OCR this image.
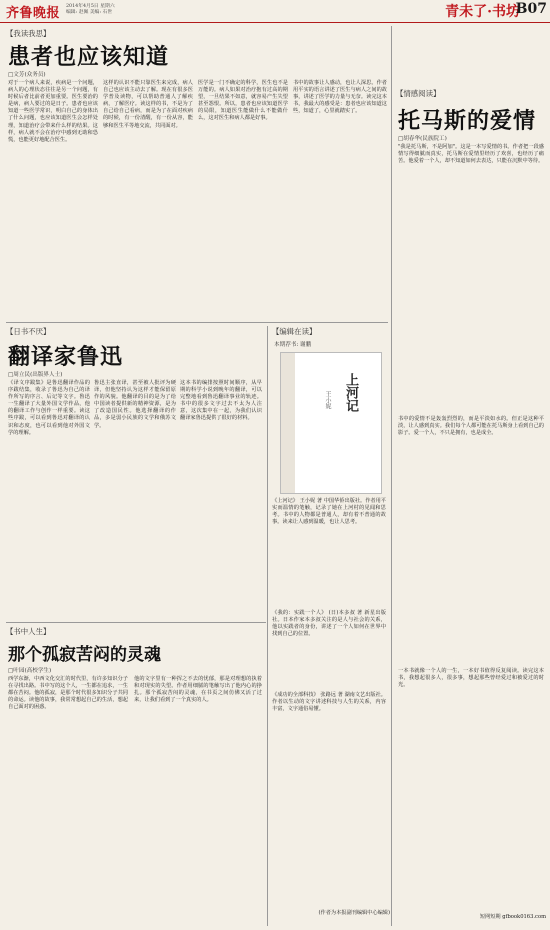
齐鲁晚报 2014年4月5日 星期六
编辑: 赵佩 美编: 石世	青未了·书坊
B07
【我读我思】
患者也应该知道
□文芳(众务员)
对于一个病人来说，疾病是一个问题，病人的心理状态往往是另一个问题，有时候后者比前者更加重要。医生要治的是病，病人要过的是日子。患者也应该知道一些医学常识，明白自己的身体出了什么问题，也应该知道医生会怎样处理，知道治疗会带来什么样的结果。这样，病人就不会在治疗中感到无助和恐慌，也能更好地配合医生。
这样的认识不能只靠医生来完成，病人自己也应该主动去了解。现在有很多医学普及读物，可以帮助普通人了解疾病，了解医疗。读这样的书，不是为了自己给自己看病，而是为了在面对疾病的时候，有一份清醒，有一份从容，能够和医生平等地交流，共同面对。
医学是一门不确定的科学，医生也不是万能的。病人如果对治疗抱有过高的期望，一旦结果不如意，就容易产生失望甚至怨恨。所以，患者也应该知道医学的局限，知道医生能做什么不能做什么，这对医生和病人都是好事。
书中的故事让人感动，也让人深思。作者用平实的语言讲述了医生与病人之间的故事，讲述了医学的力量与无奈。读完这本书，我最大的感受是：患者也应该知道这些，知道了，心里就踏实了。
【日书不厌】
翻译家鲁迅
□周立民(出版界人士)
《译文序跋集》是鲁迅翻译作品的序跋结集，收录了鲁迅为自己的译作所写的序言、后记等文字。鲁迅一生翻译了大量外国文学作品，他的翻译工作与创作一样重要。读这些序跋，可以看到鲁迅对翻译的认识和态度，也可以看到他对外国文学的理解。
鲁迅主张直译，甚至被人批评为硬译，但他坚持认为这样才能保留原作的风貌。他翻译的目的是为了给中国读者提供新的精神资源，是为了改造国民性。他选择翻译的作品，多是弱小民族的文学和俄苏文学。
这本书的编排按照时间顺序，从早期的科学小说到晚年的翻译，可以完整地看到鲁迅翻译事业的轨迹。书中的很多文字过去不太为人注意，这次集中在一起，为我们认识翻译家鲁迅提供了很好的材料。
【书中人生】
那个孤寂苦闷的灵魂
□叶园(高校学生)
西学东渐，中西文化交汇的时代里，有许多知识分子在寻找出路。书中写的这个人，一生都在追求，一生都在苦闷。他的孤寂，是那个时代很多知识分子共同的命运。读他的故事，我常常想起自己的生活，想起自己面对的困惑。
他的文字里有一种挥之不去的忧郁，那是对理想的执着和对现实的失望。作者用细腻的笔触写出了他内心的挣扎。那个孤寂苦闷的灵魂，在书页之间仿佛又活了过来，让我们看到了一个真实的人。
【编辑在读】
本期荐书: 谢鹏
上河记
王小妮
《上河记》 王小妮 著 中国华侨出版社。作者用平实而温情的笔触，记录了她在上河村的见闻和思考。书中的人物都是普通人，却有着不普通的故事。读来让人感到温暖，也让人思考。
《我的：实践一个人》 (日)本多叔 著 新星出版社。日本作家本多叔关注的是人与社会的关系，他以实践者的身份，讲述了一个人如何在世界中找到自己的位置。
《成功的全部科技》 张路远 著 湖南文艺出版社。作者以生动的文字讲述科技与人生的关系，内容丰富，文字通俗易懂。
(作者为本报副刊编辑中心编辑)
【情感阅读】
托马斯的爱情
□胡春华(民族院工)
"我是托马斯，不是阿加"。这是一本写爱情的书。作者把一段感情写得细腻而真实，托马斯在爱情里经历了欢喜，也经历了痛苦。他爱着一个人，却不知道如何去表达，只能在沉默中等待。
书中的爱情不是轰轰烈烈的，而是平淡如水的。但正是这种平淡，让人感到真实。我们每个人都可能在托马斯身上看到自己的影子。爱一个人，不只是拥有，也是成全。
一本书就像一个人的一生，一本好书值得反复阅读。读完这本书，我想起很多人，很多事，想起那些曾经爱过和被爱过的时光。
短网短期 gfbook0163.com
